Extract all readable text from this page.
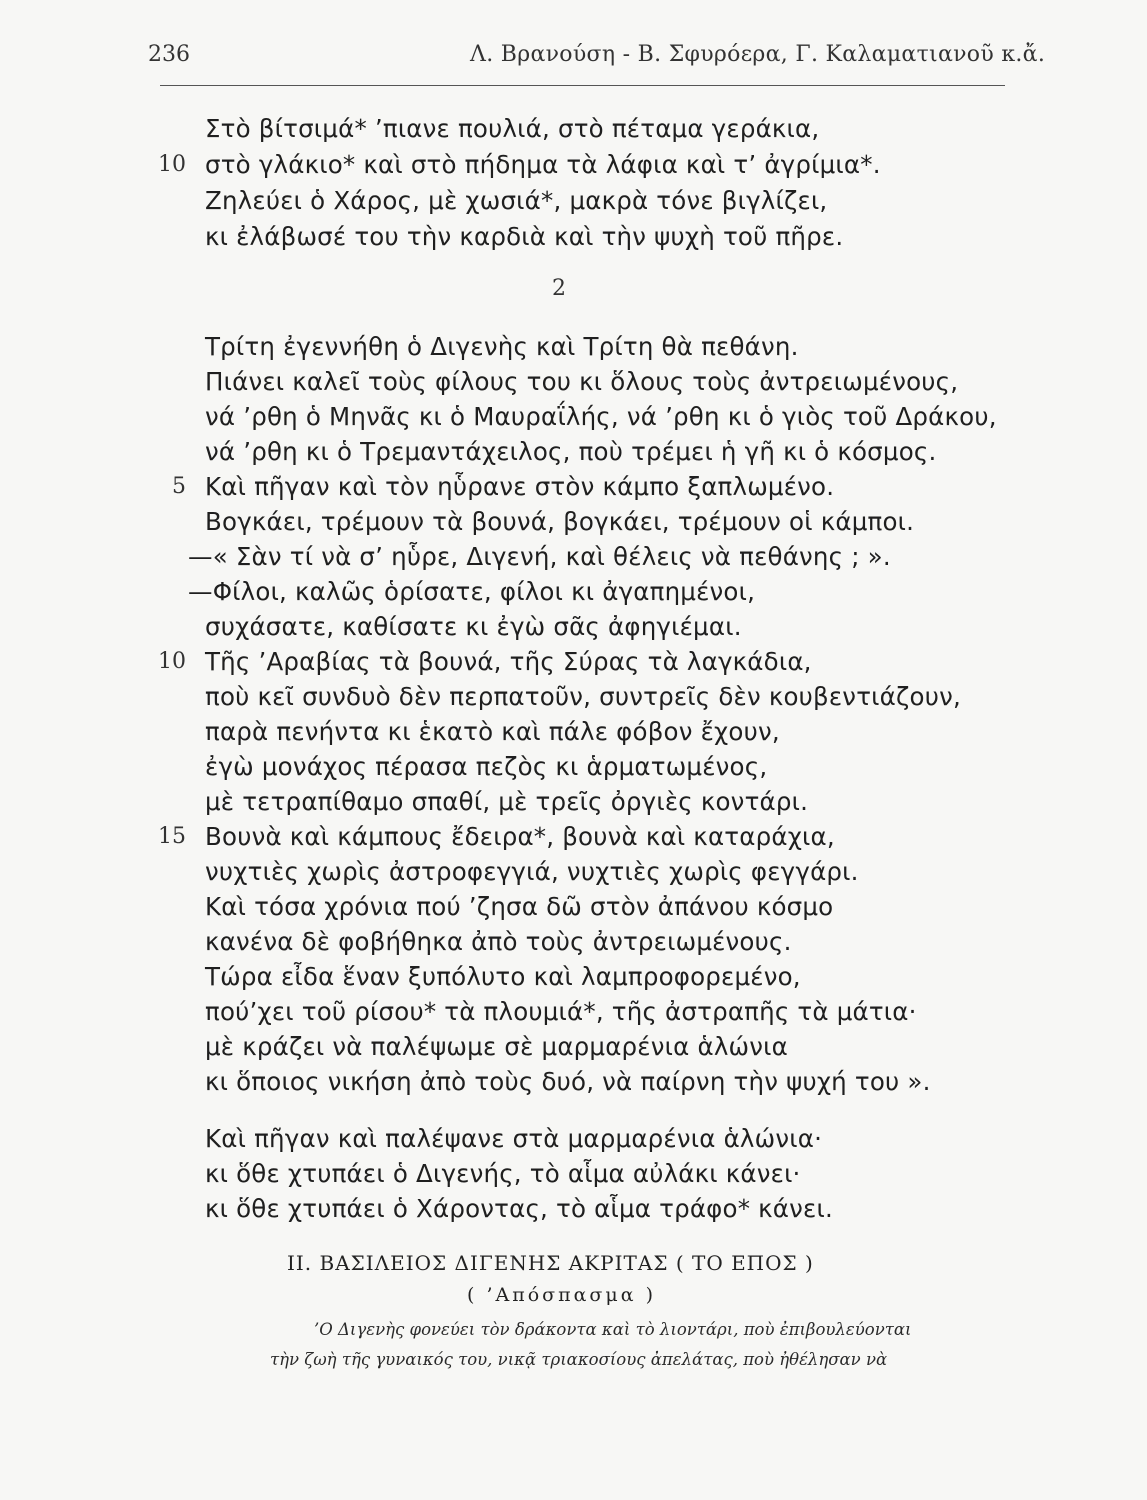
236	Λ. Βρανούση - Β. Σφυρόερα, Γ. Καλαματιανοῦ κ.ἄ.
Στὸ βίτσιμά* ’πιανε πουλιά, στὸ πέταμα γεράκια,
10 στὸ γλάκιο* καὶ στὸ πήδημα τὰ λάφια καὶ τ’ ἀγρίμια*.
Ζηλεύει ὁ Χάρος, μὲ χωσιά*, μακρὰ τόνε βιγλίζει,
κι ἐλάβωσέ του τὴν καρδιὰ καὶ τὴν ψυχὴ τοῦ πῆρε.
2
Τρίτη ἐγεννήθη ὁ Διγενὴς καὶ Τρίτη θὰ πεθάνη.
Πιάνει καλεῖ τοὺς φίλους του κι ὅλους τοὺς ἀντρειωμένους,
νά ’ρθη ὁ Μηνᾶς κι ὁ Μαυραΐλής, νά ’ρθη κι ὁ γιὸς τοῦ Δράκου,
νά ’ρθη κι ὁ Τρεμαντάχειλος, ποὺ τρέμει ἡ γῆ κι ὁ κόσμος.
5 Καὶ πῆγαν καὶ τὸν ηὗρανε στὸν κάμπο ξαπλωμένο.
Βογκάει, τρέμουν τὰ βουνά, βογκάει, τρέμουν οἱ κάμποι.
—« Σὰν τί νὰ σ’ ηὗρε, Διγενή, καὶ θέλεις νὰ πεθάνης ; ».
—Φίλοι, καλῶς ὁρίσατε, φίλοι κι ἀγαπημένοι,
συχάσατε, καθίσατε κι ἐγὼ σᾶς ἀφηγιέμαι.
10 Τῆς ’Αραβίας τὰ βουνά, τῆς Σύρας τὰ λαγκάδια,
ποὺ κεῖ συνδυὸ δὲν περπατοῦν, συντρεῖς δὲν κουβεντιάζουν,
παρὰ πενήντα κι ἑκατὸ καὶ πάλε φόβον ἔχουν,
ἐγὼ μονάχος πέρασα πεζὸς κι ἁρματωμένος,
μὲ τετραπίθαμο σπαθί, μὲ τρεῖς ὀργιὲς κοντάρι.
15 Βουνὰ καὶ κάμπους ἔδειρα*, βουνὰ καὶ καταράχια,
νυχτιὲς χωρὶς ἀστροφεγγιά, νυχτιὲς χωρὶς φεγγάρι.
Καὶ τόσα χρόνια πού ’ζησα δῶ στὸν ἀπάνου κόσμο
κανένα δὲ φοβήθηκα ἀπὸ τοὺς ἀντρειωμένους.
Τώρα εἶδα ἕναν ξυπόλυτο καὶ λαμπροφορεμένο,
πού’χει τοῦ ρίσου* τὰ πλουμιά*, τῆς ἀστραπῆς τὰ μάτια·
μὲ κράζει νὰ παλέψωμε σὲ μαρμαρένια ἁλώνια
κι ὅποιος νικήση ἀπὸ τοὺς δυό, νὰ παίρνη τὴν ψυχή του ».
Καὶ πῆγαν καὶ παλέψανε στὰ μαρμαρένια ἁλώνια·
κι ὅθε χτυπάει ὁ Διγενής, τὸ αἷμα αὐλάκι κάνει·
κι ὅθε χτυπάει ὁ Χάροντας, τὸ αἷμα τράφο* κάνει.
ΙΙ. ΒΑΣΙΛΕΙΟΣ ΔΙΓΕΝΗΣ ΑΚΡΙΤΑΣ ( ΤΟ ΕΠΟΣ )
( ’Απόσπασμα )
’Ο Διγενὴς φονεύει τὸν δράκοντα καὶ τὸ λιοντάρι, ποὺ ἐπιβουλεύονται
τὴν ζωὴ τῆς γυναικός του, νικᾷ τριακοσίους ἀπελάτας, ποὺ ἠθέλησαν νὰ
